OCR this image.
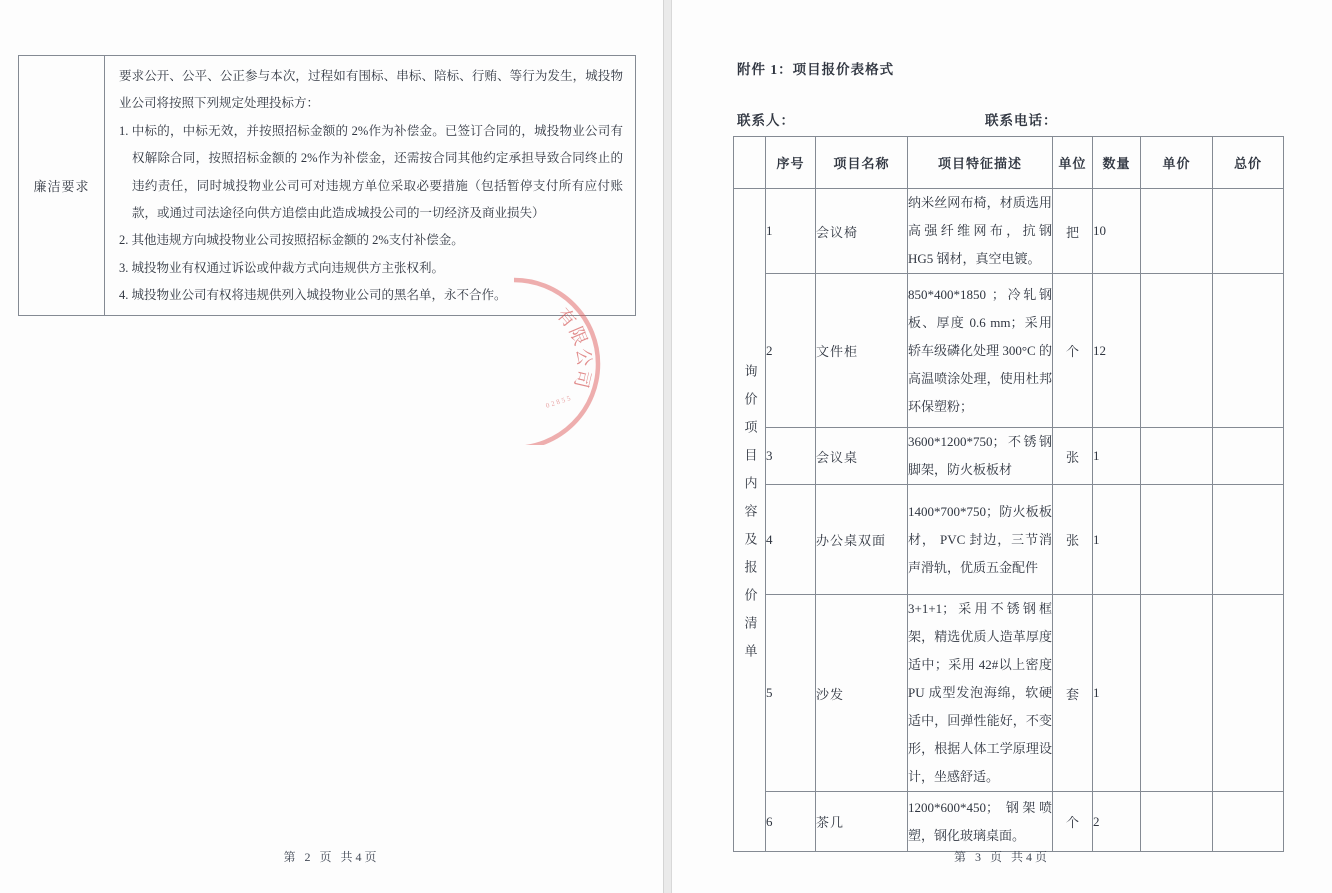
廉洁要求

要求公开、公平、公正参与本次，过程如有围标、串标、陪标、行贿、等行为发生，城投物业公司将按照下列规定处理投标方：

1. 中标的，中标无效，并按照招标金额的 2%作为补偿金。已签订合同的，城投物业公司有权解除合同，按照招标金额的 2%作为补偿金，还需按合同其他约定承担导致合同终止的违约责任，同时城投物业公司可对违规方单位采取必要措施（包括暂停支付所有应付账款，或通过司法途径向供方追偿由此造成城投公司的一切经济及商业损失）

2. 其他违规方向城投物业公司按照招标金额的 2%支付补偿金。

3. 城投物业有权通过诉讼或仲裁方式向违规供方主张权利。

4. 城投物业公司有权将违规供列入城投物业公司的黑名单，永不合作。

有限公司
02855
第 2 页 共4页
附件 1：项目报价表格式
联系人：	联系电话：
	序号	项目名称	项目特征描述	单位	数量	单价	总价
询价项目内容及报价清单	1	会议椅	纳米丝网布椅，材质选用高强纤维网布，抗钢 HG5 钢材，真空电镀。	把	10		
	2	文件柜	850*400*1850 ；冷轧钢板、厚度 0.6 mm；采用轿车级磷化处理 300°C 的高温喷涂处理，使用杜邦环保塑粉；	个	12		
	3	会议桌	3600*1200*750；不锈钢脚架，防火板板材	张	1		
	4	办公桌双面	1400*700*750；防火板板材， PVC 封边，三节消声滑轨，优质五金配件	张	1		
	5	沙发	3+1+1；采用不锈钢框架，精选优质人造革厚度适中；采用 42#以上密度 PU 成型发泡海绵，软硬适中，回弹性能好，不变形，根据人体工学原理设计，坐感舒适。	套	1		
	6	茶几	1200*600*450； 钢架喷塑，钢化玻璃桌面。	个	2		
第 3 页 共4页
